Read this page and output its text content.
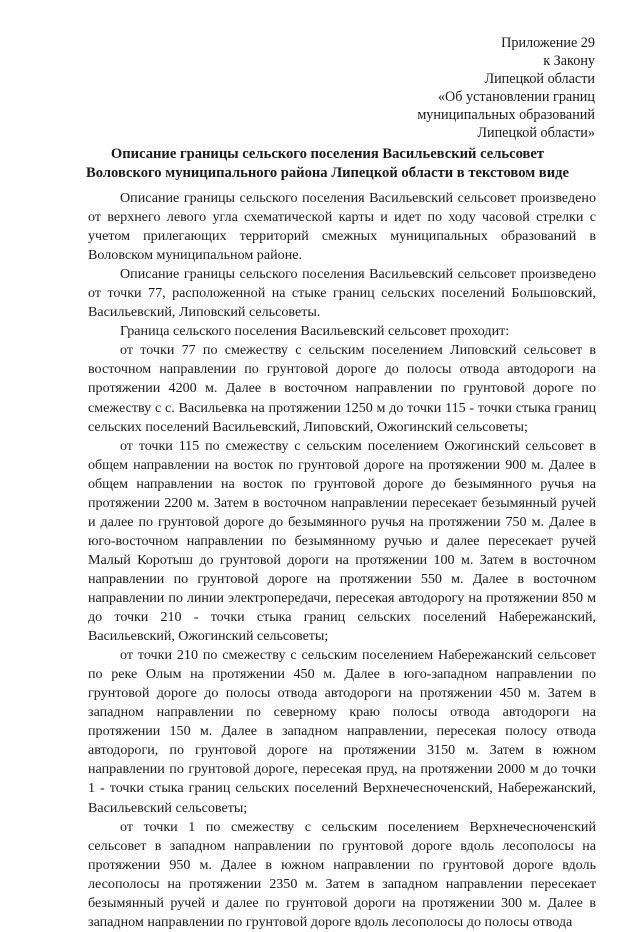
Приложение 29
к Закону
Липецкой области
«Об установлении границ
муниципальных образований
Липецкой области»
Описание границы сельского поселения Васильевский сельсовет
Воловского муниципального района Липецкой области в текстовом виде

Описание границы сельского поселения Васильевский сельсовет произведено от верхнего левого угла схематической карты и идет по ходу часовой стрелки с учетом прилегающих территорий смежных муниципальных образований в Воловском муниципальном районе.

Описание границы сельского поселения Васильевский сельсовет произведено от точки 77, расположенной на стыке границ сельских поселений Большовский, Васильевский, Липовский сельсоветы.

Граница сельского поселения Васильевский сельсовет проходит:

от точки 77 по смежеству с сельским поселением Липовский сельсовет в восточном направлении по грунтовой дороге до полосы отвода автодороги на протяжении 4200 м. Далее в восточном направлении по грунтовой дороге по смежеству с с. Васильевка на протяжении 1250 м до точки 115 - точки стыка границ сельских поселений Васильевский, Липовский, Ожогинский сельсоветы;

от точки 115 по смежеству с сельским поселением Ожогинский сельсовет в общем направлении на восток по грунтовой дороге на протяжении 900 м. Далее в общем направлении на восток по грунтовой дороге до безымянного ручья на протяжении 2200 м. Затем в восточном направлении пересекает безымянный ручей и далее по грунтовой дороге до безымянного ручья на протяжении 750 м. Далее в юго-восточном направлении по безымянному ручью и далее пересекает ручей Малый Коротыш до грунтовой дороги на протяжении 100 м. Затем в восточном направлении по грунтовой дороге на протяжении 550 м. Далее в восточном направлении по линии электропередачи, пересекая автодорогу на протяжении 850 м до точки 210 - точки стыка границ сельских поселений Набережанский, Васильевский, Ожогинский сельсоветы;

от точки 210 по смежеству с сельским поселением Набережанский сельсовет по реке Олым на протяжении 450 м. Далее в юго-западном направлении по грунтовой дороге до полосы отвода автодороги на протяжении 450 м. Затем в западном направлении по северному краю полосы отвода автодороги на протяжении 150 м. Далее в западном направлении, пересекая полосу отвода автодороги, по грунтовой дороге на протяжении 3150 м. Затем в южном направлении по грунтовой дороге, пересекая пруд, на протяжении 2000 м до точки 1 - точки стыка границ сельских поселений Верхнечесноченский, Набережанский, Васильевский сельсоветы;

от точки 1 по смежеству с сельским поселением Верхнечесноченский сельсовет в западном направлении по грунтовой дороге вдоль лесополосы на протяжении 950 м. Далее в южном направлении по грунтовой дороге вдоль лесополосы на протяжении 2350 м. Затем в западном направлении пересекает безымянный ручей и далее по грунтовой дороги на протяжении 300 м. Далее в западном направлении по грунтовой дороге вдоль лесополосы до полосы отвода
